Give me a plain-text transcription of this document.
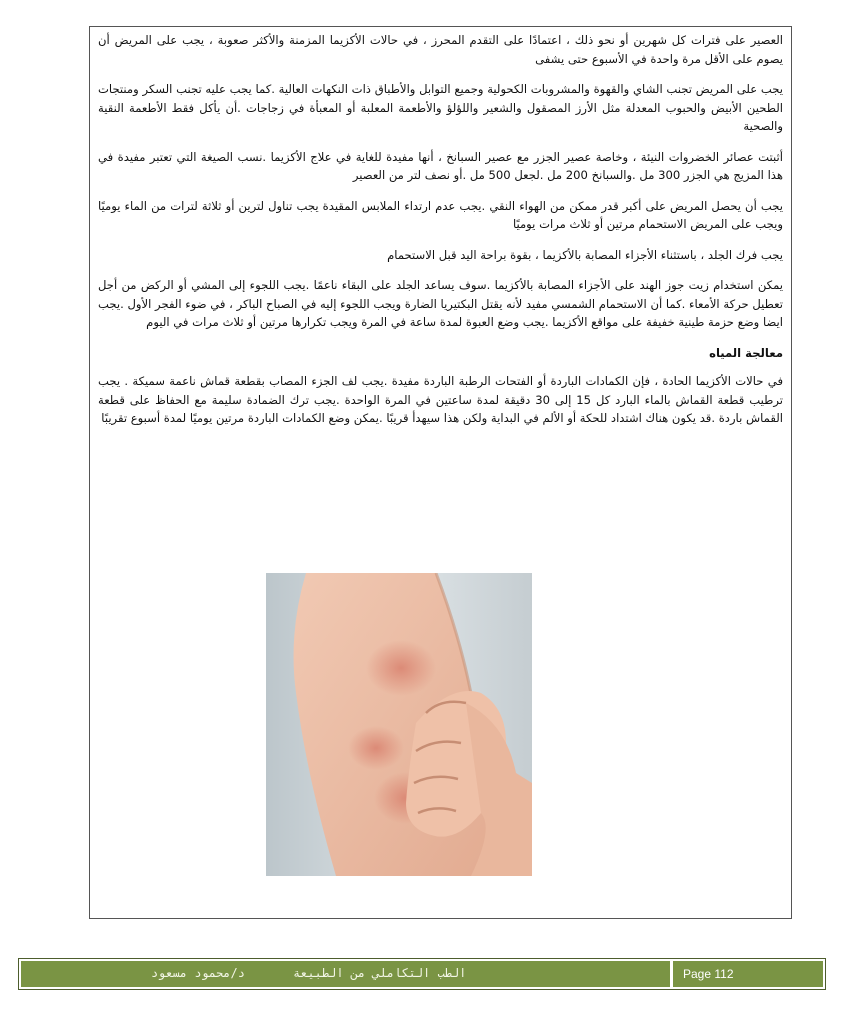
العصير على فترات كل شهرين أو نحو ذلك ، اعتمادًا على التقدم المحرز ، في حالات الأكزيما المزمنة والأكثر صعوبة ، يجب على المريض أن يصوم على الأقل مرة واحدة في الأسبوع حتى يشفى

يجب على المريض تجنب الشاي والقهوة والمشروبات الكحولية وجميع التوابل والأطباق ذات النكهات العالية .كما يجب عليه تجنب السكر ومنتجات الطحين الأبيض والحبوب المعدلة مثل الأرز المصقول والشعير واللؤلؤ والأطعمة المعلبة أو المعبأة في زجاجات .أن يأكل فقط الأطعمة النقية والصحية

أثبتت عصائر الخضروات النيئة ، وخاصة عصير الجزر مع عصير السبانخ ، أنها مفيدة للغاية في علاج الأكزيما .نسب الصيغة التي تعتبر مفيدة في هذا المزيج هي الجزر 300 مل .والسبانخ 200 مل .لجعل 500 مل .أو نصف لتر من العصير

يجب أن يحصل المريض على أكبر قدر ممكن من الهواء النقي .يجب عدم ارتداء الملابس المقيدة يجب تناول لترين أو ثلاثة لترات من الماء يوميًا ويجب على المريض الاستحمام مرتين أو ثلاث مرات يوميًا

يجب فرك الجلد ، باستثناء الأجزاء المصابة بالأكزيما ، بقوة براحة اليد قبل الاستحمام

يمكن استخدام زيت جوز الهند على الأجزاء المصابة بالأكزيما .سوف يساعد الجلد على البقاء ناعمًا .يجب اللجوء إلى المشي أو الركض من أجل تعطيل حركة الأمعاء .كما أن الاستحمام الشمسي مفيد لأنه يقتل البكتيريا الضارة ويجب اللجوء إليه في الصباح الباكر ، في ضوء الفجر الأول .يجب ايضا وضع حزمة طينية خفيفة على مواقع الأكزيما .يجب وضع العبوة لمدة ساعة في المرة ويجب تكرارها مرتين أو ثلاث مرات في اليوم

معالجة المياه

في حالات الأكزيما الحادة ، فإن الكمادات الباردة أو الفتحات الرطبة الباردة مفيدة .يجب لف الجزء المصاب بقطعة قماش ناعمة سميكة . يجب ترطيب قطعة القماش بالماء البارد كل 15 إلى 30 دقيقة لمدة ساعتين في المرة الواحدة .يجب ترك الضمادة سليمة مع الحفاظ على قطعة القماش باردة .قد يكون هناك اشتداد للحكة أو الألم في البداية ولكن هذا سيهدأ قريبًا .يمكن وضع الكمادات الباردة مرتين يوميًا لمدة أسبوع تقريبًا

د/محمود مسعود	الطب التكاملي من الطبيعة	Page 112
